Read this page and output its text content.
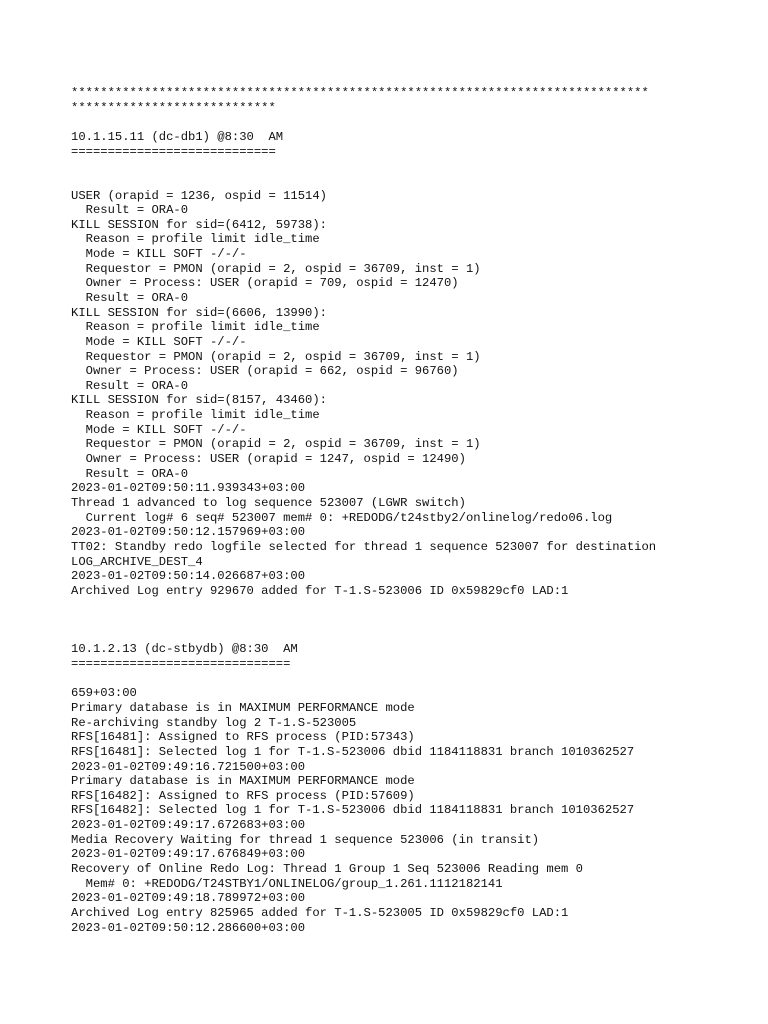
*******************************************************************************
****************************
10.1.15.11 (dc-db1) @8:30  AM
============================
USER (orapid = 1236, ospid = 11514)
Result = ORA-0
KILL SESSION for sid=(6412, 59738):
Reason = profile limit idle_time
Mode = KILL SOFT -/-/-
Requestor = PMON (orapid = 2, ospid = 36709, inst = 1)
Owner = Process: USER (orapid = 709, ospid = 12470)
Result = ORA-0
KILL SESSION for sid=(6606, 13990):
Reason = profile limit idle_time
Mode = KILL SOFT -/-/-
Requestor = PMON (orapid = 2, ospid = 36709, inst = 1)
Owner = Process: USER (orapid = 662, ospid = 96760)
Result = ORA-0
KILL SESSION for sid=(8157, 43460):
Reason = profile limit idle_time
Mode = KILL SOFT -/-/-
Requestor = PMON (orapid = 2, ospid = 36709, inst = 1)
Owner = Process: USER (orapid = 1247, ospid = 12490)
Result = ORA-0
2023-01-02T09:50:11.939343+03:00
Thread 1 advanced to log sequence 523007 (LGWR switch)
Current log# 6 seq# 523007 mem# 0: +REDODG/t24stby2/onlinelog/redo06.log
2023-01-02T09:50:12.157969+03:00
TT02: Standby redo logfile selected for thread 1 sequence 523007 for destination
LOG_ARCHIVE_DEST_4
2023-01-02T09:50:14.026687+03:00
Archived Log entry 929670 added for T-1.S-523006 ID 0x59829cf0 LAD:1
10.1.2.13 (dc-stbydb) @8:30  AM
==============================
659+03:00
Primary database is in MAXIMUM PERFORMANCE mode
Re-archiving standby log 2 T-1.S-523005
RFS[16481]: Assigned to RFS process (PID:57343)
RFS[16481]: Selected log 1 for T-1.S-523006 dbid 1184118831 branch 1010362527
2023-01-02T09:49:16.721500+03:00
Primary database is in MAXIMUM PERFORMANCE mode
RFS[16482]: Assigned to RFS process (PID:57609)
RFS[16482]: Selected log 1 for T-1.S-523006 dbid 1184118831 branch 1010362527
2023-01-02T09:49:17.672683+03:00
Media Recovery Waiting for thread 1 sequence 523006 (in transit)
2023-01-02T09:49:17.676849+03:00
Recovery of Online Redo Log: Thread 1 Group 1 Seq 523006 Reading mem 0
Mem# 0: +REDODG/T24STBY1/ONLINELOG/group_1.261.1112182141
2023-01-02T09:49:18.789972+03:00
Archived Log entry 825965 added for T-1.S-523005 ID 0x59829cf0 LAD:1
2023-01-02T09:50:12.286600+03:00
